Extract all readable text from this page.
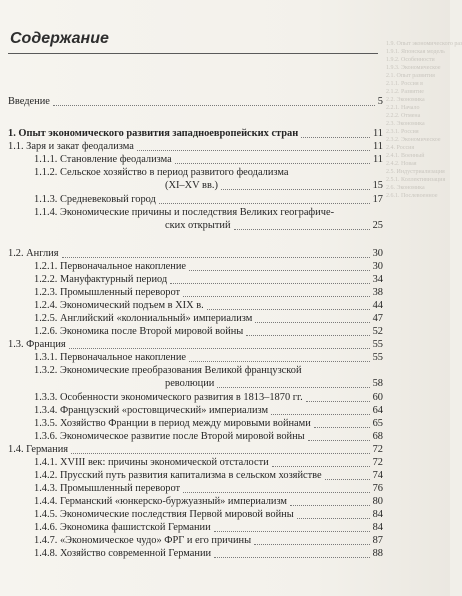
Содержание	1.9. Опыт экономического раз
1.9.1. Японская модель
1.9.2. Особенности
1.9.3. Экономическое
2.1. Опыт развития
2.1.1. Россия в
2.1.2. Развитие
2.2. Экономика
2.2.1. Начало
2.2.2. Отмена
2.3. Экономика
2.3.1. Россия
2.3.2. Экономическое
2.4. Россия
2.4.1. Военный
2.4.2. Новая
2.5. Индустриализация
2.5.1. Коллективизация
2.6. Экономика
2.6.1. Послевоенное
Введение	5
1. Опыт экономического развития западноевропейских стран	11
1.1. Заря и закат феодализма	11
1.1.1. Становление феодализма	11
1.1.2. Сельское хозяйство в период развитого феодализма
(XI–XV вв.)	15
1.1.3. Средневековый город	17
1.1.4. Экономические причины и последствия Великих географиче-
ских открытий	25
1.2. Англия	30
1.2.1. Первоначальное накопление	30
1.2.2. Мануфактурный период	34
1.2.3. Промышленный переворот	38
1.2.4. Экономический подъем в XIX в.	44
1.2.5. Английский «колониальный» империализм	47
1.2.6. Экономика после Второй мировой войны	52
1.3. Франция	55
1.3.1. Первоначальное накопление	55
1.3.2. Экономические преобразования Великой французской
революции	58
1.3.3. Особенности экономического развития в 1813–1870 гг.	60
1.3.4. Французский «ростовщический» империализм	64
1.3.5. Хозяйство Франции в период между мировыми войнами	65
1.3.6. Экономическое развитие после Второй мировой войны	68
1.4. Германия	72
1.4.1. XVIII век: причины экономической отсталости	72
1.4.2. Прусский путь развития капитализма в сельском хозяйстве	74
1.4.3. Промышленный переворот	76
1.4.4. Германский «юнкерско-буржуазный» империализм	80
1.4.5. Экономические последствия Первой мировой войны	84
1.4.6. Экономика фашистской Германии	84
1.4.7. «Экономическое чудо» ФРГ и его причины	87
1.4.8. Хозяйство современной Германии	88
